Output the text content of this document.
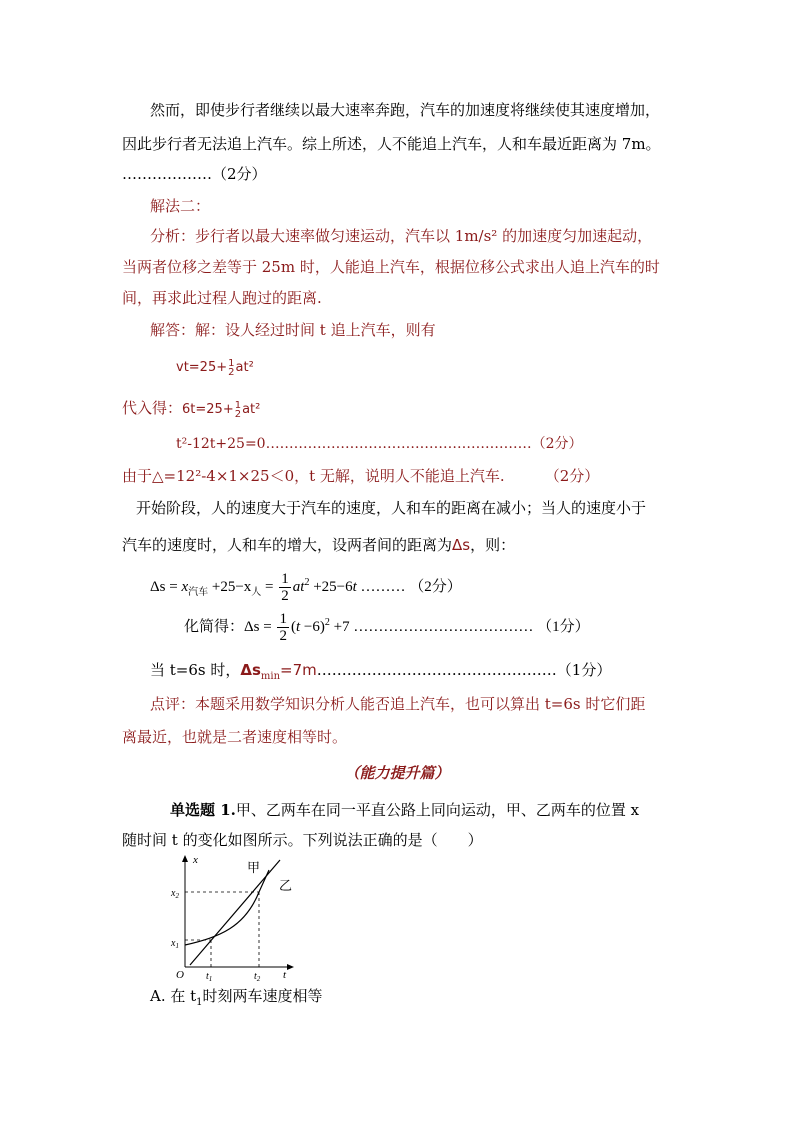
然而，即使步行者继续以最大速率奔跑，汽车的加速度将继续使其速度增加，
因此步行者无法追上汽车。综上所述，人不能追上汽车，人和车最近距离为 7m。
………………（2分）
解法二：
分析：步行者以最大速率做匀速运动，汽车以 1m/s² 的加速度匀加速起动，
当两者位移之差等于 25m 时，人能追上汽车，根据位移公式求出人追上汽车的时
间，再求此过程人跑过的距离.
解答：解：设人经过时间 t 追上汽车，则有
vt=25+ 1
2 at²
代入得：6t=25+ 1
2 at²
t²-12t+25=0…………………………………………………（2分）
由于△=12²-4×1×25＜0，t 无解，说明人不能追上汽车.	（2分）
开始阶段，人的速度大于汽车的速度，人和车的距离在减小；当人的速度小于
汽车的速度时，人和车的增大，设两者间的距离为Δs，则：
$\Delta s = x_{汽车} +25-x_人 = \frac{1}{2} at^2 +25-6t$ ……… （2分）
化简得：$\Delta s = \frac{1}{2} (t -6)^2 +7$ ……………………………… （1分）
当 t=6s 时，$\Delta s_{min}=7m\dots\dots\dots\dots\dots\dots\dots\dots\dots\dots\dots\dots\dots\dots\dots\dots(1$分）
点评：本题采用数学知识分析人能否追上汽车，也可以算出 t=6s 时它们距
离最近，也就是二者速度相等时。
（能力提升篇）
单选题 1.甲、乙两车在同一平直公路上同向运动，甲、乙两车的位置 x
随时间 t 的变化如图所示。下列说法正确的是（　　）
x
t
O
甲
乙
$t_1$	$t_2$
$x_1$
$x_2$
A. 在 $t_1$时刻两车速度相等
